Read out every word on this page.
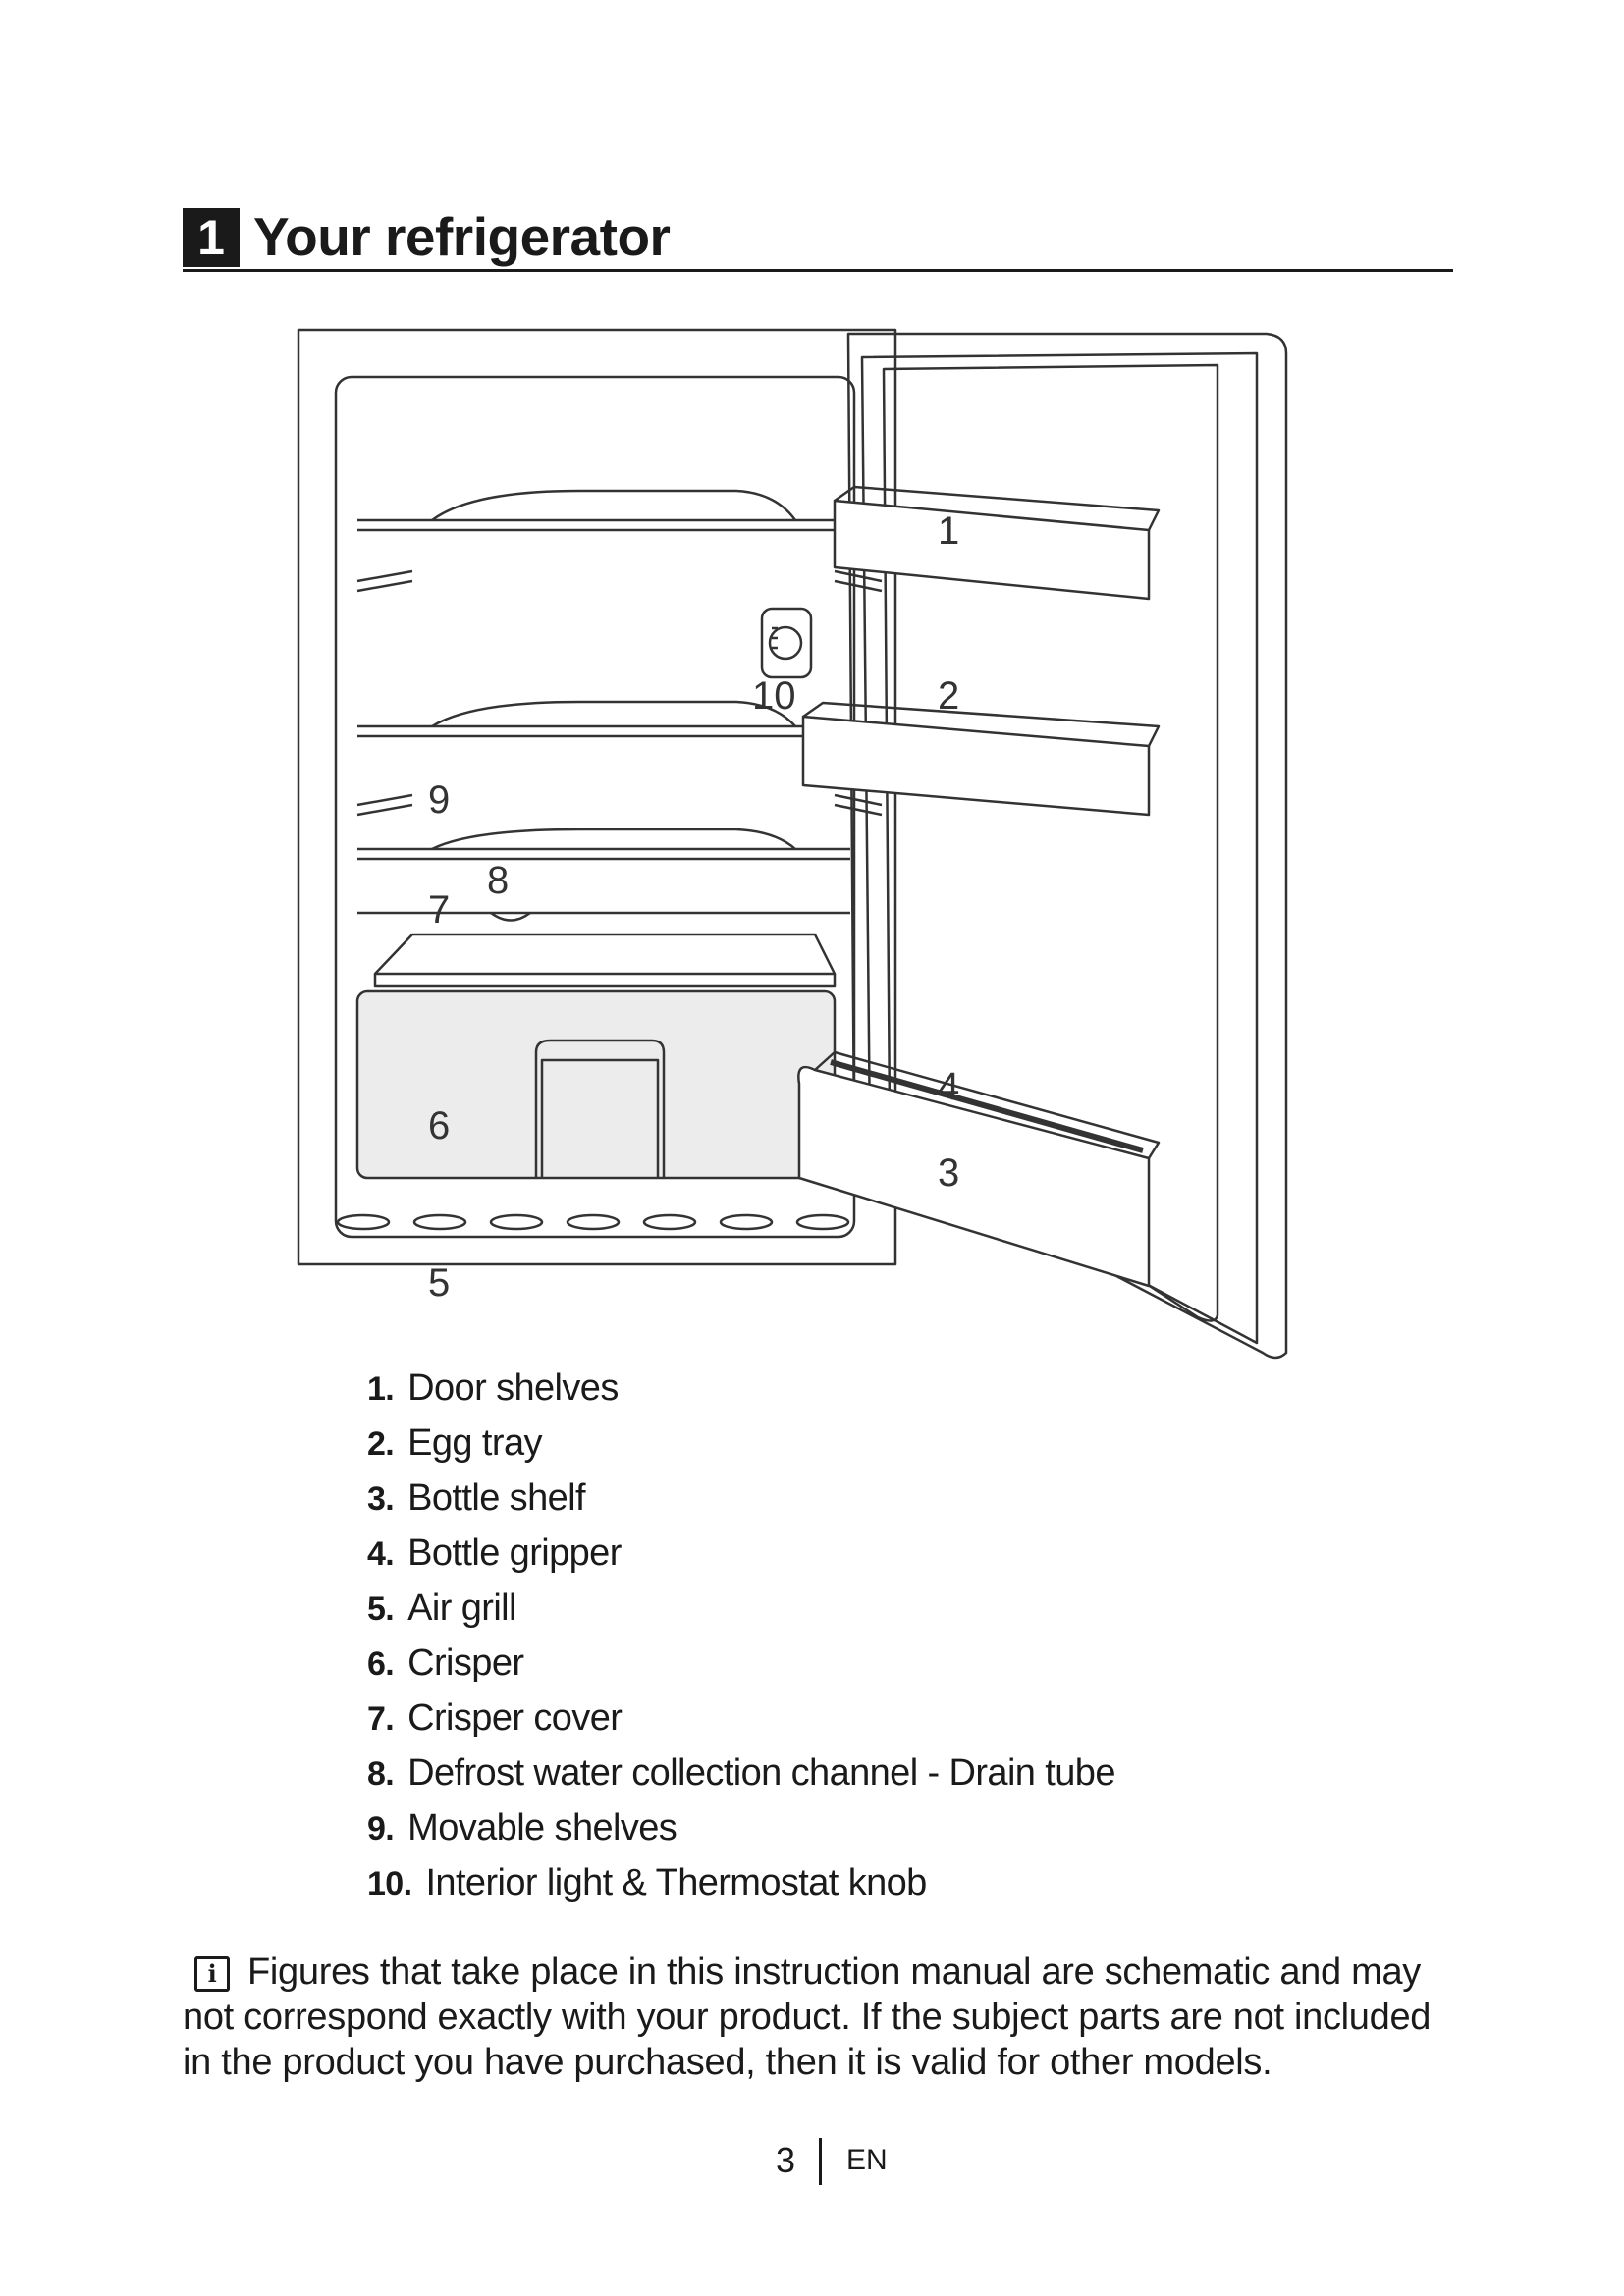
1 Your refrigerator
1
2
3
4
5
6
7
8
9
10
1. Door shelves
2. Egg tray
3. Bottle shelf
4. Bottle gripper
5. Air grill
6. Crisper
7. Crisper cover
8. Defrost water collection channel - Drain tube
9. Movable shelves
10. Interior light & Thermostat knob
i Figures that take place in this instruction manual are schematic and may not correspond exactly with your product. If the subject parts are not included in the product you have purchased, then it is valid for other models.
3 EN
